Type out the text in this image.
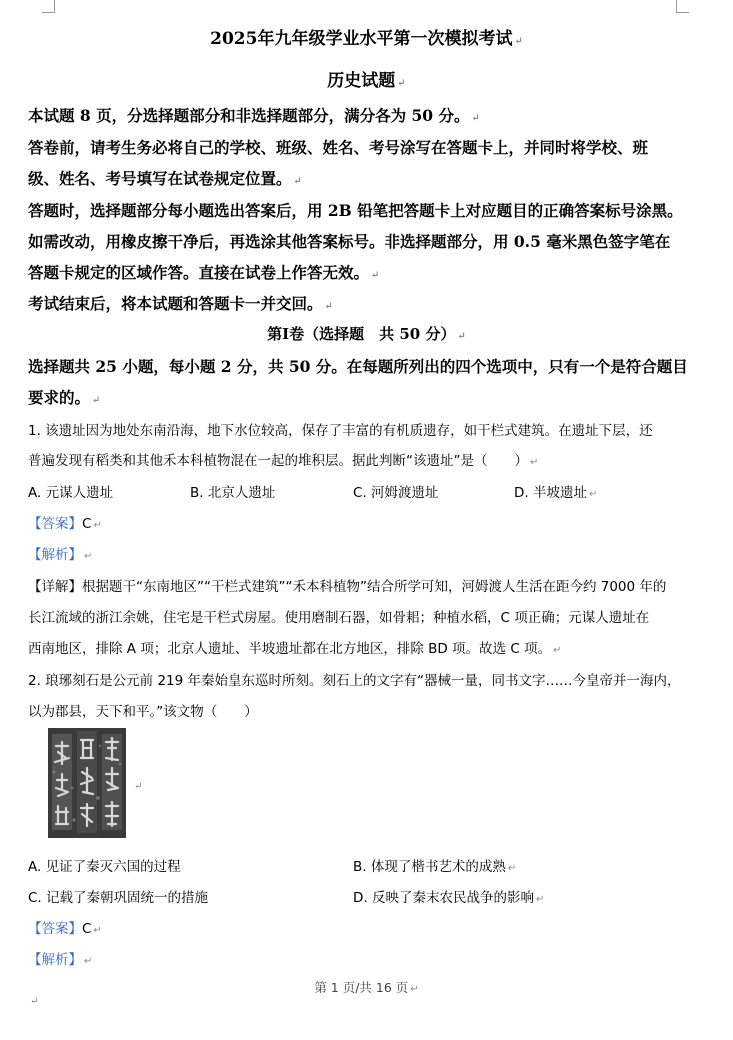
2025年九年级学业水平第一次模拟考试 ↵
历史试题 ↵
本试题 8 页，分选择题部分和非选择题部分，满分各为 50 分。 ↵
答卷前，请考生务必将自己的学校、班级、姓名、考号涂写在答题卡上，并同时将学校、班
级、姓名、考号填写在试卷规定位置。 ↵
答题时，选择题部分每小题选出答案后，用 2B 铅笔把答题卡上对应题目的正确答案标号涂黑。
如需改动，用橡皮擦干净后，再选涂其他答案标号。非选择题部分，用 0.5 毫米黑色签字笔在
答题卡规定的区域作答。直接在试卷上作答无效。 ↵
考试结束后，将本试题和答题卡一并交回。 ↵
第Ⅰ卷（选择题　共 50 分） ↵
选择题共 25 小题，每小题 2 分，共 50 分。在每题所列出的四个选项中，只有一个是符合题目
要求的。 ↵
1. 该遗址因为地处东南沿海，地下水位较高，保存了丰富的有机质遗存，如干栏式建筑。在遗址下层，还
普遍发现有稻类和其他禾本科植物混在一起的堆积层。据此判断“该遗址”是（　　） ↵
A. 元谋人遗址	B. 北京人遗址	C. 河姆渡遗址	D. 半坡遗址 ↵
【答案】C ↵
【解析】 ↵
【详解】根据题干“东南地区”“干栏式建筑”“禾本科植物”结合所学可知，河姆渡人生活在距今约 7000 年的
长江流域的浙江余姚，住宅是干栏式房屋。使用磨制石器，如骨耜；种植水稻，C 项正确；元谋人遗址在
西南地区，排除 A 项；北京人遗址、半坡遗址都在北方地区，排除 BD 项。故选 C 项。 ↵
2. 琅琊刻石是公元前 219 年秦始皇东巡时所刻。刻石上的文字有“器械一量，同书文字……今皇帝并一海内，
以为郡县，天下和平。”该文物（　　）
↵
A. 见证了秦灭六国的过程	B. 体现了楷书艺术的成熟 ↵
C. 记载了秦朝巩固统一的措施	D. 反映了秦末农民战争的影响 ↵
【答案】C ↵
【解析】 ↵
第 1 页/共 16 页 ↵
↵
